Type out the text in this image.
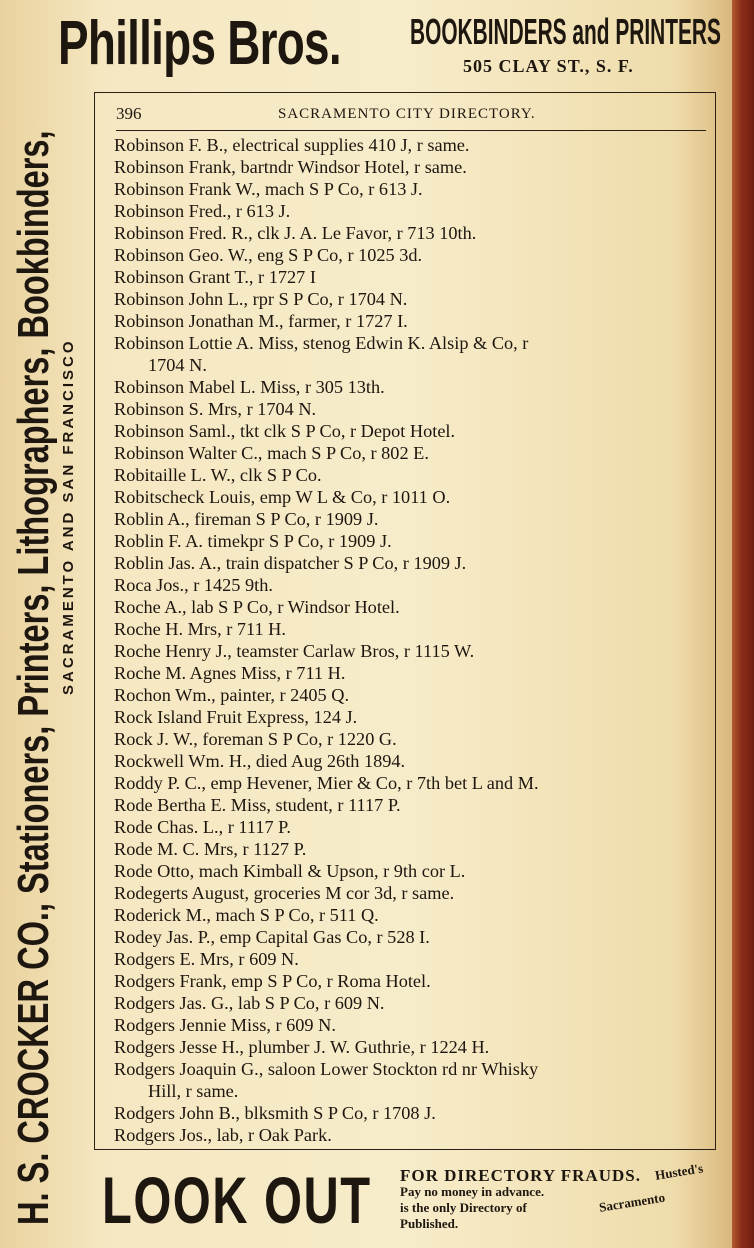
Phillips Bros. BOOKBINDERS and PRINTERS
505 CLAY ST., S. F.
H. S. CROCKER CO., Stationers, Printers, Lithographers, Bookbinders, SACRAMENTO AND SAN FRANCISCO
396	SACRAMENTO CITY DIRECTORY.
Robinson F. B., electrical supplies 410 J, r same.
Robinson Frank, bartndr Windsor Hotel, r same.
Robinson Frank W., mach S P Co, r 613 J.
Robinson Fred., r 613 J.
Robinson Fred. R., clk J. A. Le Favor, r 713 10th.
Robinson Geo. W., eng S P Co, r 1025 3d.
Robinson Grant T., r 1727 I
Robinson John L., rpr S P Co, r 1704 N.
Robinson Jonathan M., farmer, r 1727 I.
Robinson Lottie A. Miss, stenog Edwin K. Alsip & Co, r
1704 N.
Robinson Mabel L. Miss, r 305 13th.
Robinson S. Mrs, r 1704 N.
Robinson Saml., tkt clk S P Co, r Depot Hotel.
Robinson Walter C., mach S P Co, r 802 E.
Robitaille L. W., clk S P Co.
Robitscheck Louis, emp W L & Co, r 1011 O.
Roblin A., fireman S P Co, r 1909 J.
Roblin F. A. timekpr S P Co, r 1909 J.
Roblin Jas. A., train dispatcher S P Co, r 1909 J.
Roca Jos., r 1425 9th.
Roche A., lab S P Co, r Windsor Hotel.
Roche H. Mrs, r 711 H.
Roche Henry J., teamster Carlaw Bros, r 1115 W.
Roche M. Agnes Miss, r 711 H.
Rochon Wm., painter, r 2405 Q.
Rock Island Fruit Express, 124 J.
Rock J. W., foreman S P Co, r 1220 G.
Rockwell Wm. H., died Aug 26th 1894.
Roddy P. C., emp Hevener, Mier & Co, r 7th bet L and M.
Rode Bertha E. Miss, student, r 1117 P.
Rode Chas. L., r 1117 P.
Rode M. C. Mrs, r 1127 P.
Rode Otto, mach Kimball & Upson, r 9th cor L.
Rodegerts August, groceries M cor 3d, r same.
Roderick M., mach S P Co, r 511 Q.
Rodey Jas. P., emp Capital Gas Co, r 528 I.
Rodgers E. Mrs, r 609 N.
Rodgers Frank, emp S P Co, r Roma Hotel.
Rodgers Jas. G., lab S P Co, r 609 N.
Rodgers Jennie Miss, r 609 N.
Rodgers Jesse H., plumber J. W. Guthrie, r 1224 H.
Rodgers Joaquin G., saloon Lower Stockton rd nr Whisky
Hill, r same.
Rodgers John B., blksmith S P Co, r 1708 J.
Rodgers Jos., lab, r Oak Park.
LOOK OUT FOR DIRECTORY FRAUDS.
Pay no money in advance.
is the only Directory of
Published.
Husted's
Sacramento
